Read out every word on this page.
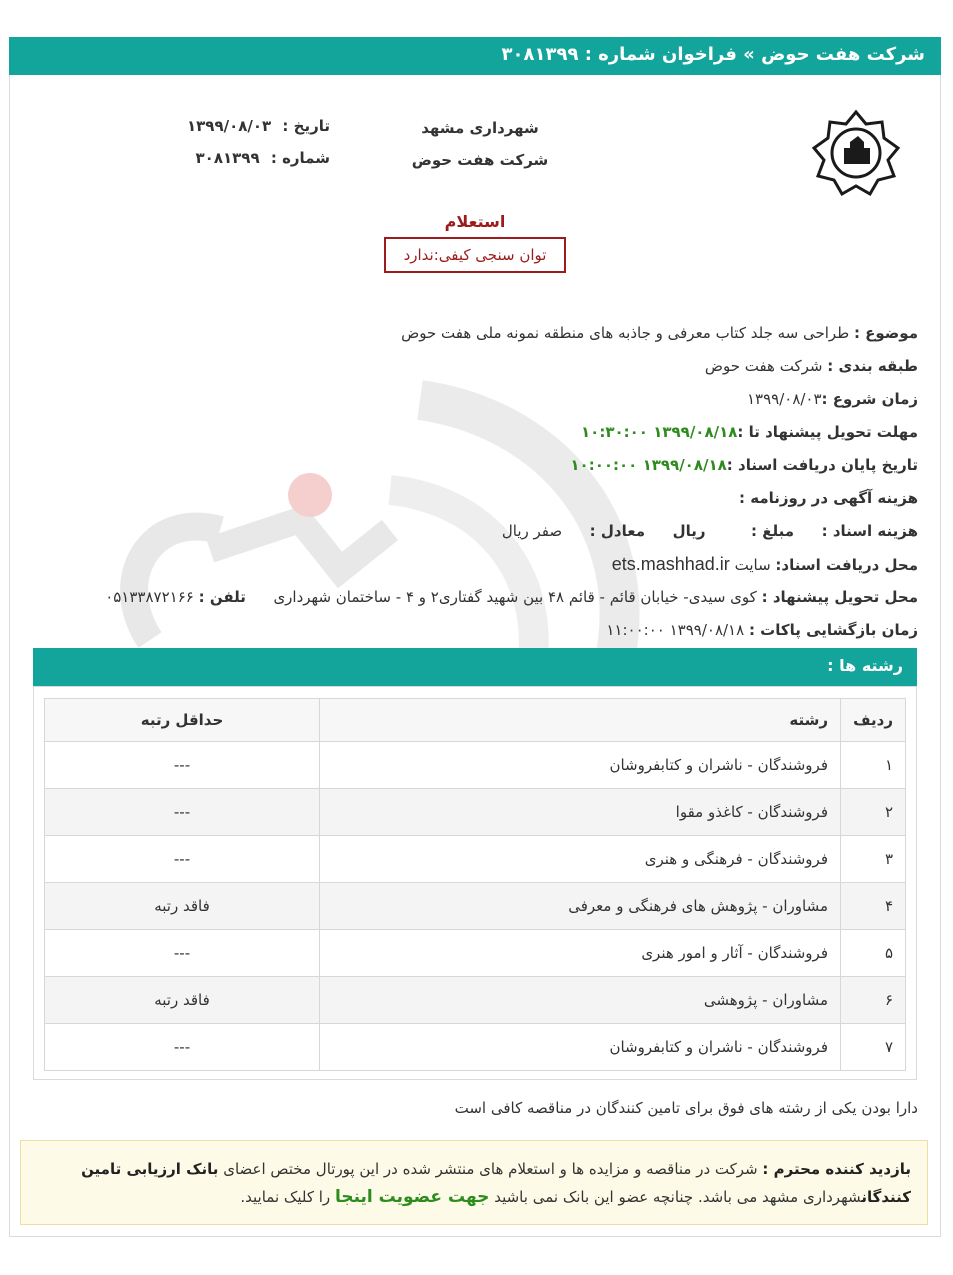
شرکت هفت حوض » فراخوان شماره : ۳۰۸۱۳۹۹
شهرداری مشهد
شرکت هفت حوض
تاریخ : ۱۳۹۹/۰۸/۰۳
شماره : ۳۰۸۱۳۹۹
استعلام
توان سنجی کیفی:ندارد
موضوع : طراحی سه جلد کتاب معرفی و جاذبه های منطقه نمونه ملی هفت حوض
طبقه بندی : شرکت هفت حوض
زمان شروع :۱۳۹۹/۰۸/۰۳
مهلت تحویل پیشنهاد تا :۱۳۹۹/۰۸/۱۸ ۱۰:۳۰:۰۰
تاریخ پایان دریافت اسناد :۱۳۹۹/۰۸/۱۸ ۱۰:۰۰:۰۰
هزینه آگهی در روزنامه :
هزینه اسناد :  مبلغ :  ریال  معادل :  صفر ریال
محل دریافت اسناد: سایت ets.mashhad.ir
محل تحویل پیشنهاد : کوی سیدی- خیابان قائم - قائم ۴۸ بین شهید گفتاری۲ و ۴ - ساختمان شهرداری  تلفن : ۰۵۱۳۳۸۷۲۱۶۶
زمان بازگشایی پاکات : ۱۳۹۹/۰۸/۱۸ ۱۱:۰۰:۰۰
رشته ها :
ردیف	رشته	حداقل رتبه
۱	فروشندگان - ناشران و کتابفروشان	---
۲	فروشندگان - کاغذو مقوا	---
۳	فروشندگان - فرهنگی و هنری	---
۴	مشاوران - پژوهش های فرهنگی و معرفی	فاقد رتبه
۵	فروشندگان - آثار و امور هنری	---
۶	مشاوران - پژوهشی	فاقد رتبه
۷	فروشندگان - ناشران و کتابفروشان	---
دارا بودن یکی از رشته های فوق برای تامین کنندگان در مناقصه کافی است
بازدید کننده محترم : شرکت در مناقصه و مزایده ها و استعلام های منتشر شده در این پورتال مختص اعضای بانک ارزیابی تامین کنندگانشهرداری مشهد می باشد. چنانچه عضو این بانک نمی باشید جهت عضویت اینجا را کلیک نمایید.
